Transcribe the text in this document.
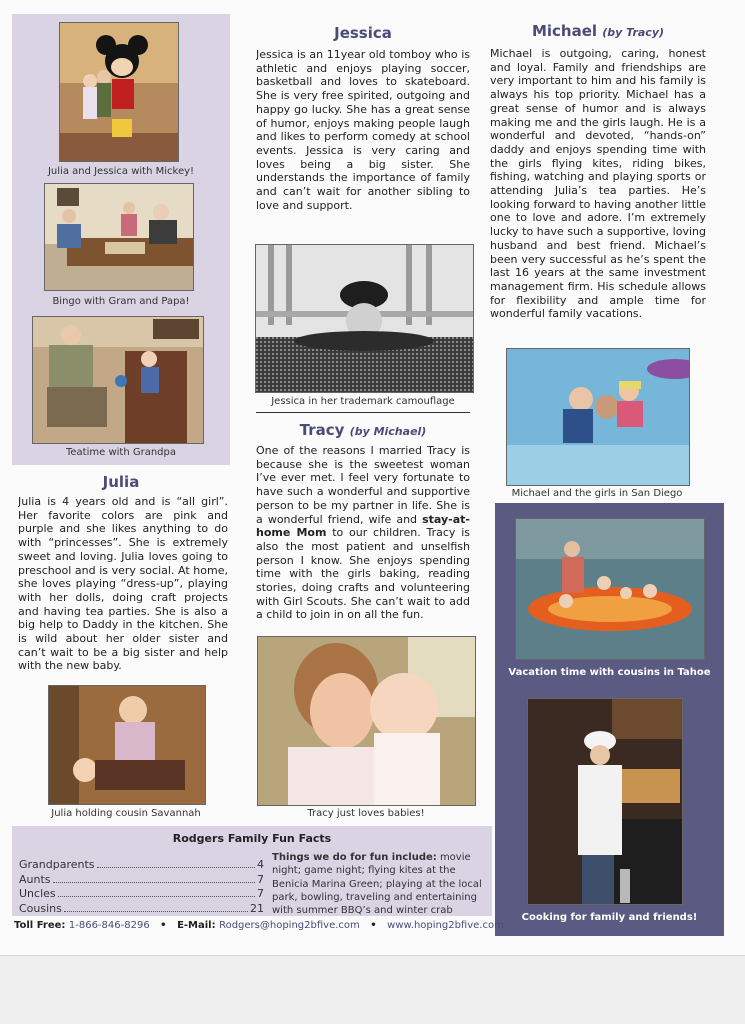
Julia and Jessica with Mickey!
Bingo with Gram and Papa!
Teatime with Grandpa
Julia
Julia is 4 years old and is “all girl”. Her favorite colors are pink and purple and she likes anything to do with “princesses”. She is extremely sweet and loving. Julia loves going to preschool and is very social. At home, she loves playing “dress-up”, playing with her dolls, doing craft projects and having tea parties. She is also a big help to Daddy in the kitchen. She is wild about her older sister and can’t wait to be a big sister and help with the new baby.
Julia holding cousin Savannah
Jessica
Jessica is an 11year old tomboy who is athletic and enjoys playing soccer, basketball and loves to skateboard. She is very free spirited, outgoing and happy go lucky. She has a great sense of humor, enjoys making people laugh and likes to perform comedy at school events. Jessica is very caring and loves being a big sister. She understands the importance of family and can’t wait for another sibling to love and support.
Jessica in her trademark camouflage
Tracy (by Michael)
One of the reasons I married Tracy is because she is the sweetest woman I’ve ever met. I feel very fortunate to have such a wonderful and supportive person to be my partner in life. She is a wonderful friend, wife and stay-at-home Mom to our children. Tracy is also the most patient and unselfish person I know. She enjoys spending time with the girls baking, reading stories, doing crafts and volunteering with Girl Scouts. She can’t wait to add a child to join in on all the fun.
Tracy just loves babies!
Michael (by Tracy)
Michael is outgoing, caring, honest and loyal. Family and friendships are very important to him and his family is always his top priority. Michael has a great sense of humor and is always making me and the girls laugh. He is a wonderful and devoted, “hands-on” daddy and enjoys spending time with the girls flying kites, riding bikes, fishing, watching and playing sports or attending Julia’s tea parties. He’s looking forward to having another little one to love and adore. I’m extremely lucky to have such a supportive, loving husband and best friend. Michael’s been very successful as he’s spent the last 16 years at the same investment management firm. His schedule allows for flexibility and ample time for wonderful family vacations.
Michael and the girls in San Diego
Vacation time with cousins in Tahoe
Cooking for family and friends!
Rodgers Family Fun Facts
Grandparents	4
Aunts	7
Uncles	7
Cousins	21
Things we do for fun include: movie night; game night; flying kites at the Benicia Marina Green; playing at the local park, bowling, traveling and entertaining with summer BBQ’s and winter crab
Toll Free: 1-866-846-8296 • E-Mail: Rodgers@hoping2bfive.com • www.hoping2bfive.com
